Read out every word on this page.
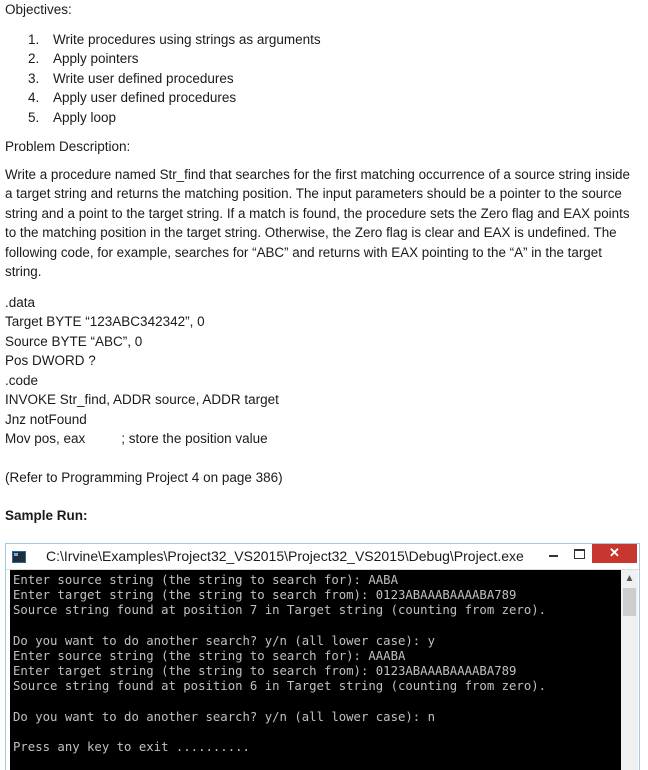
Objectives:
1. Write procedures using strings as arguments
2. Apply pointers
3. Write user defined procedures
4. Apply user defined procedures
5. Apply loop
Problem Description:
Write a procedure named Str_find that searches for the first matching occurrence of a source string inside a target string and returns the matching position. The input parameters should be a pointer to the source string and a point to the target string. If a match is found, the procedure sets the Zero flag and EAX points to the matching position in the target string. Otherwise, the Zero flag is clear and EAX is undefined. The following code, for example, searches for “ABC” and returns with EAX pointing to the “A” in the target string.
.data
Target BYTE “123ABC342342”, 0
Source BYTE “ABC”, 0
Pos DWORD ?
.code
INVOKE Str_find, ADDR source, ADDR target
Jnz notFound
Mov pos, eax	; store the position value
(Refer to Programming Project 4 on page 386)
Sample Run:
C:\Irvine\Examples\Project32_VS2015\Project32_VS2015\Debug\Project.exe	✕
Enter source string (the string to search for): AABA
Enter target string (the string to search from): 0123ABAAABAAAABA789
Source string found at position 7 in Target string (counting from zero).
Do you want to do another search? y/n (all lower case): y
Enter source string (the string to search for): AAABA
Enter target string (the string to search from): 0123ABAAABAAAABA789
Source string found at position 6 in Target string (counting from zero).
Do you want to do another search? y/n (all lower case): n
Press any key to exit ..........
▲
